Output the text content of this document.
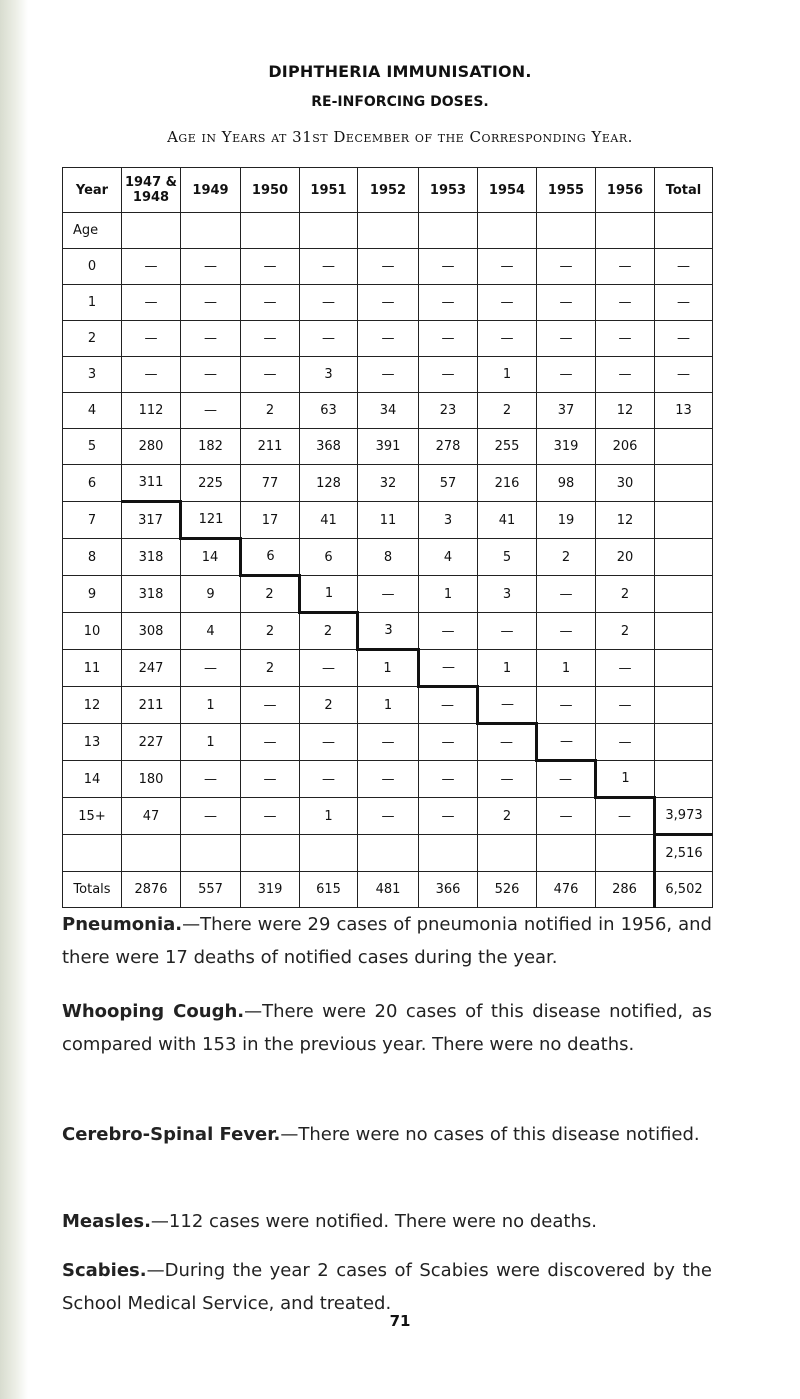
DIPHTHERIA IMMUNISATION.
RE-INFORCING DOSES.
Age in Years at 31st December of the Corresponding Year.
Year	1947 & 1948	1949	1950	1951	1952	1953	1954	1955	1956	Total
Age										
0	—	—	—	—	—	—	—	—	—	—
1	—	—	—	—	—	—	—	—	—	—
2	—	—	—	—	—	—	—	—	—	—
3	—	—	—	3	—	—	1	—	—	—
4	112	—	2	63	34	23	2	37	12	13
5	280	182	211	368	391	278	255	319	206	
6	311	225	77	128	32	57	216	98	30	
7	317	121	17	41	11	3	41	19	12	
8	318	14	6	6	8	4	5	2	20	
9	318	9	2	1	—	1	3	—	2	
10	308	4	2	2	3	—	—	—	2	
11	247	—	2	—	1	—	1	1	—	
12	211	1	—	2	1	—	—	—	—	
13	227	1	—	—	—	—	—	—	—	
14	180	—	—	—	—	—	—	—	1	
15+	47	—	—	1	—	—	2	—	—	3,973
										2,516
Totals	2876	557	319	615	481	366	526	476	286	6,502
Pneumonia.—There were 29 cases of pneumonia notified in 1956, and there were 17 deaths of notified cases during the year.
Whooping Cough.—There were 20 cases of this disease notified, as compared with 153 in the previous year. There were no deaths.
Cerebro-Spinal Fever.—There were no cases of this disease notified.
Measles.—112 cases were notified. There were no deaths.
Scabies.—During the year 2 cases of Scabies were discovered by the School Medical Service, and treated.
71
